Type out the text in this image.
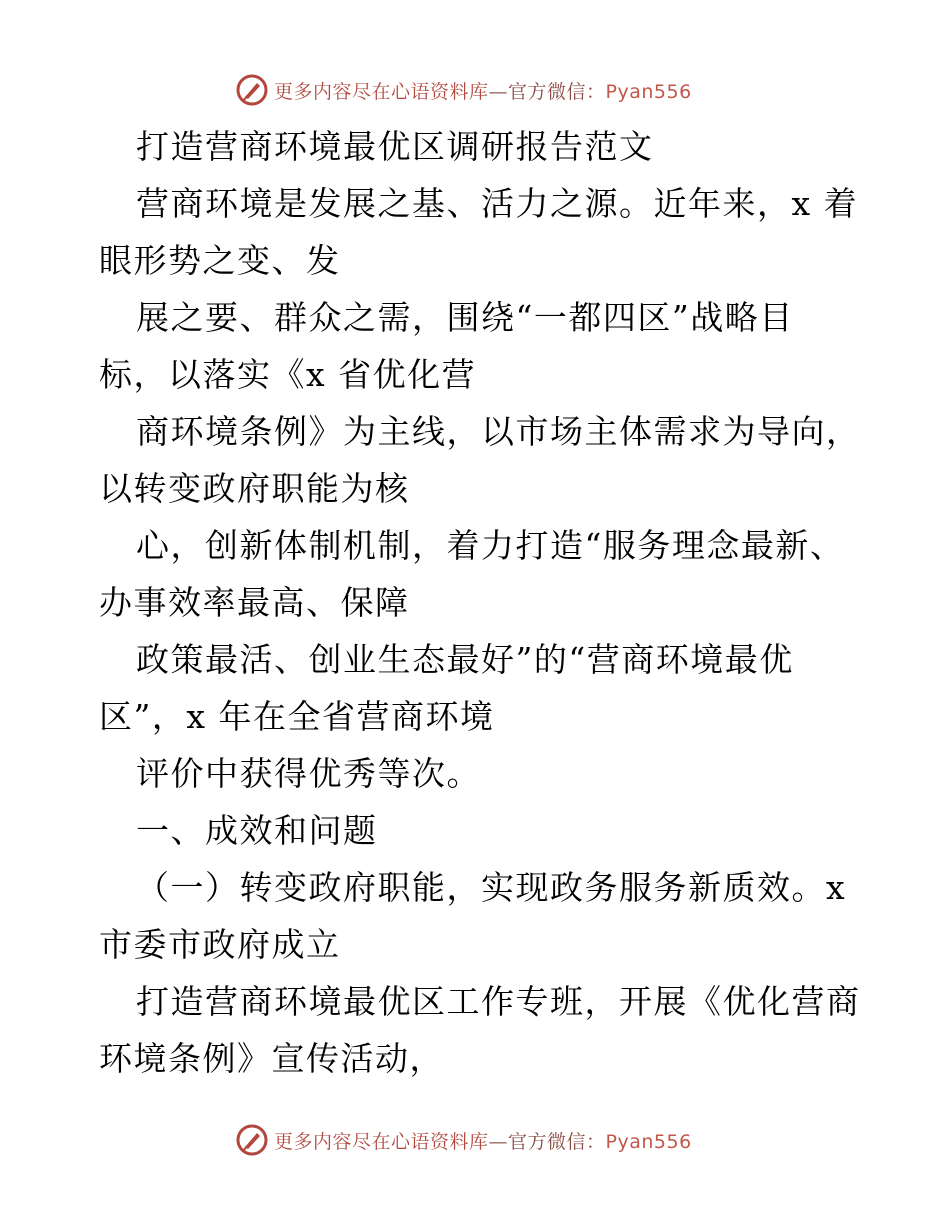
更多内容尽在心语资料库—官方微信：Pyan556
打造营商环境最优区调研报告范文
营商环境是发展之基、活力之源。近年来，x 着
眼形势之变、发
展之要、群众之需，围绕“一都四区”战略目
标，以落实《x 省优化营
商环境条例》为主线，以市场主体需求为导向，
以转变政府职能为核
心，创新体制机制，着力打造“服务理念最新、
办事效率最高、保障
政策最活、创业生态最好”的“营商环境最优
区”，x 年在全省营商环境
评价中获得优秀等次。
一、成效和问题
（一）转变政府职能，实现政务服务新质效。x
市委市政府成立
打造营商环境最优区工作专班，开展《优化营商
环境条例》宣传活动，
更多内容尽在心语资料库—官方微信：Pyan556
